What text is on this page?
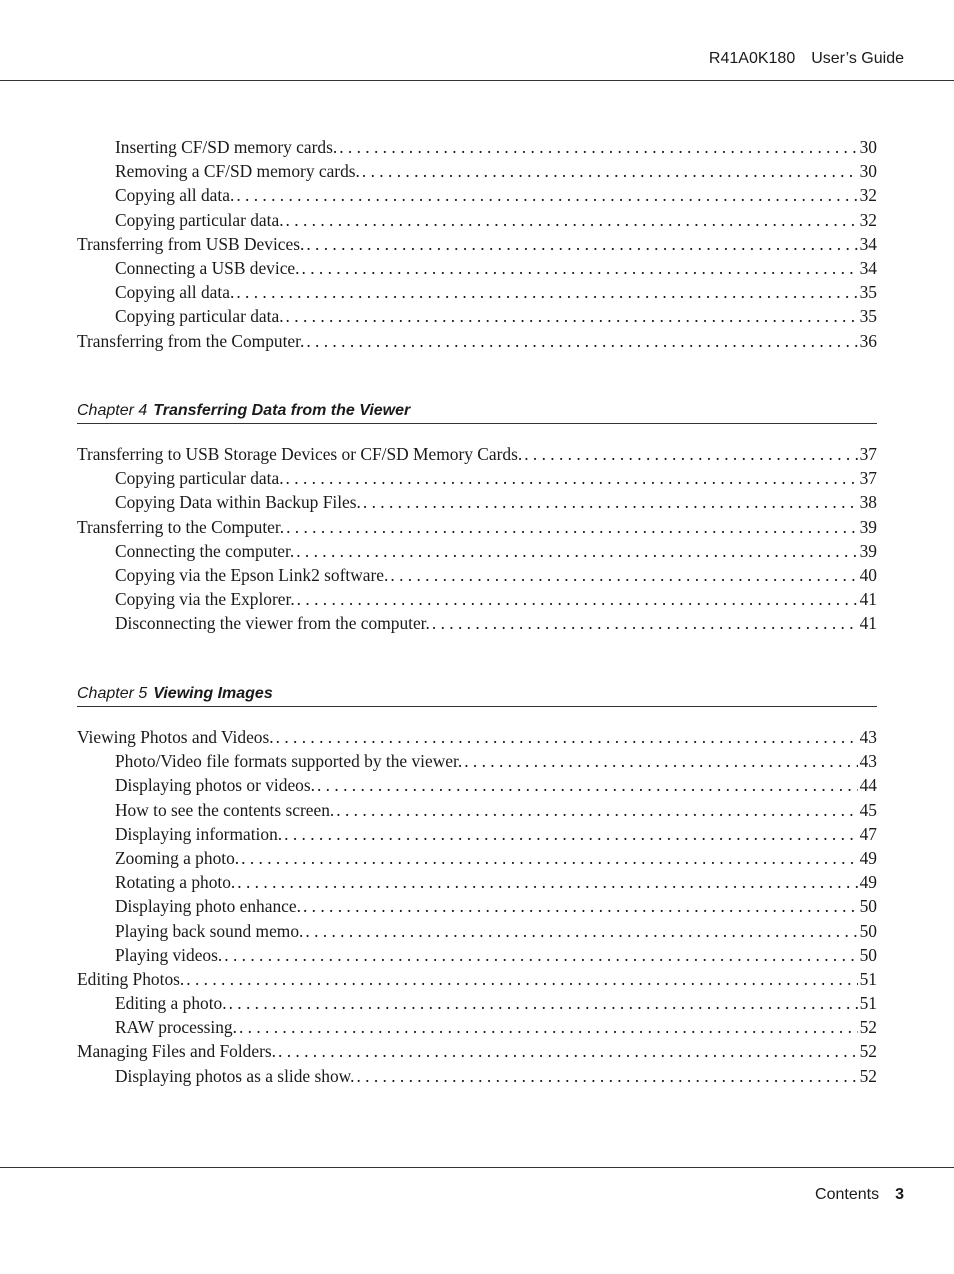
R41A0K180 User’s Guide
Inserting CF/SD memory cards. . . .	30
Removing a CF/SD memory cards. . . .	30
Copying all data. . . .	32
Copying particular data. . . .	32
Transferring from USB Devices. . . .	34
Connecting a USB device. . . .	34
Copying all data. . . .	35
Copying particular data. . . .	35
Transferring from the Computer. . . .	36
Chapter 4 Transferring Data from the Viewer
Transferring to USB Storage Devices or CF/SD Memory Cards. . . .	37
Copying particular data. . . .	37
Copying Data within Backup Files. . . .	38
Transferring to the Computer. . . .	39
Connecting the computer. . . .	39
Copying via the Epson Link2 software. . . .	40
Copying via the Explorer. . . .	41
Disconnecting the viewer from the computer. . . .	41
Chapter 5 Viewing Images
Viewing Photos and Videos. . . .	43
Photo/Video file formats supported by the viewer. . . .	43
Displaying photos or videos. . . .	44
How to see the contents screen. . . .	45
Displaying information. . . .	47
Zooming a photo. . . .	49
Rotating a photo. . . .	49
Displaying photo enhance. . . .	50
Playing back sound memo. . . .	50
Playing videos. . . .	50
Editing Photos. . . .	51
Editing a photo. . . .	51
RAW processing. . . .	52
Managing Files and Folders. . . .	52
Displaying photos as a slide show. . . .	52
Contents 3
